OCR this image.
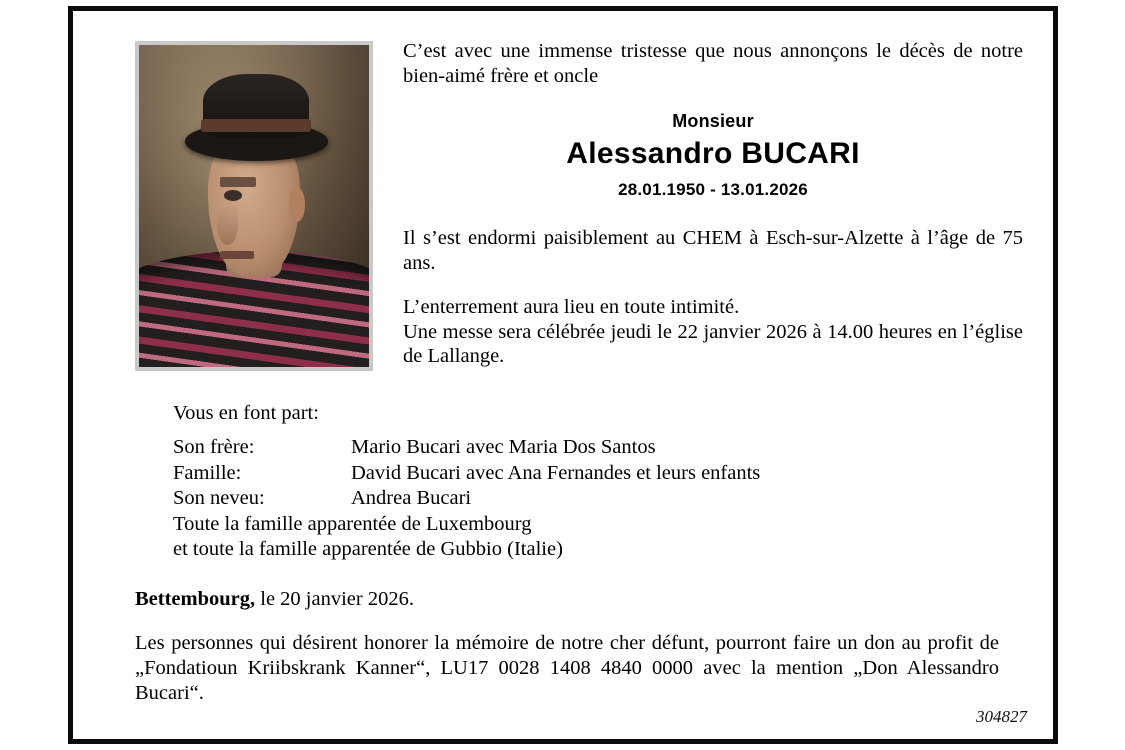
C’est avec une immense tristesse que nous annonçons le décès de notre bien-aimé frère et oncle

Monsieur
Alessandro BUCARI
28.01.1950 - 13.01.2026

Il s’est endormi paisiblement au CHEM à Esch-sur-Alzette à l’âge de 75 ans.

L’enterrement aura lieu en toute intimité.
Une messe sera célébrée jeudi le 22 janvier 2026 à 14.00 heures en l’église de Lallange.

Vous en font part:
Son frère:	Mario Bucari avec Maria Dos Santos
Famille:	David Bucari avec Ana Fernandes et leurs enfants
Son neveu:	Andrea Bucari
Toute la famille apparentée de Luxembourg
et toute la famille apparentée de Gubbio (Italie)
Bettembourg, le 20 janvier 2026.
Les personnes qui désirent honorer la mémoire de notre cher défunt, pourront faire un don au profit de „Fondatioun Kriibskrank Kanner“, LU17 0028 1408 4840 0000 avec la mention „Don Alessandro Bucari“.
304827
